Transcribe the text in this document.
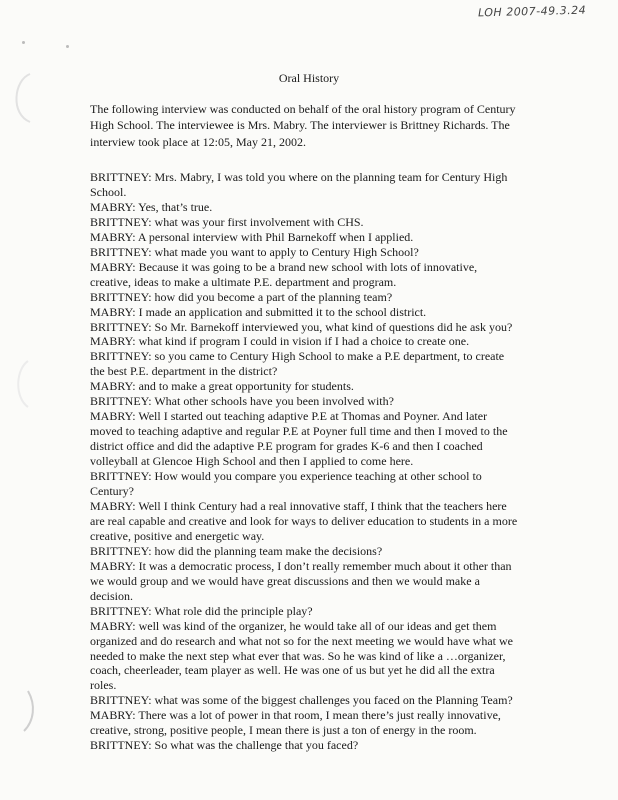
LOH 2007-49.3.24
Oral History

The following interview was conducted on behalf of the oral history program of Century
High School. The interviewee is Mrs. Mabry. The interviewer is Brittney Richards. The
interview took place at 12:05, May 21, 2002.

BRITTNEY: Mrs. Mabry, I was told you where on the planning team for Century High
School.
MABRY: Yes, that’s true.
BRITTNEY: what was your first involvement with CHS.
MABRY: A personal interview with Phil Barnekoff when I applied.
BRITTNEY: what made you want to apply to Century High School?
MABRY: Because it was going to be a brand new school with lots of innovative,
creative, ideas to make a ultimate P.E. department and program.
BRITTNEY: how did you become a part of the planning team?
MABRY: I made an application and submitted it to the school district.
BRITTNEY: So Mr. Barnekoff interviewed you, what kind of questions did he ask you?
MABRY: what kind if program I could in vision if I had a choice to create one.
BRITTNEY: so you came to Century High School to make a P.E department, to create
the best P.E. department in the district?
MABRY: and to make a great opportunity for students.
BRITTNEY: What other schools have you been involved with?
MABRY: Well I started out teaching adaptive P.E at Thomas and Poyner. And later
moved to teaching adaptive and regular P.E at Poyner full time and then I moved to the
district office and did the adaptive P.E program for grades K-6 and then I coached
volleyball at Glencoe High School and then I applied to come here.
BRITTNEY: How would you compare you experience teaching at other school to
Century?
MABRY: Well I think Century had a real innovative staff, I think that the teachers here
are real capable and creative and look for ways to deliver education to students in a more
creative, positive and energetic way.
BRITTNEY: how did the planning team make the decisions?
MABRY: It was a democratic process, I don’t really remember much about it other than
we would group and we would have great discussions and then we would make a
decision.
BRITTNEY: What role did the principle play?
MABRY: well was kind of the organizer, he would take all of our ideas and get them
organized and do research and what not so for the next meeting we would have what we
needed to make the next step what ever that was. So he was kind of like a …organizer,
coach, cheerleader, team player as well. He was one of us but yet he did all the extra
roles.
BRITTNEY: what was some of the biggest challenges you faced on the Planning Team?
MABRY: There was a lot of power in that room, I mean there’s just really innovative,
creative, strong, positive people, I mean there is just a ton of energy in the room.
BRITTNEY: So what was the challenge that you faced?
